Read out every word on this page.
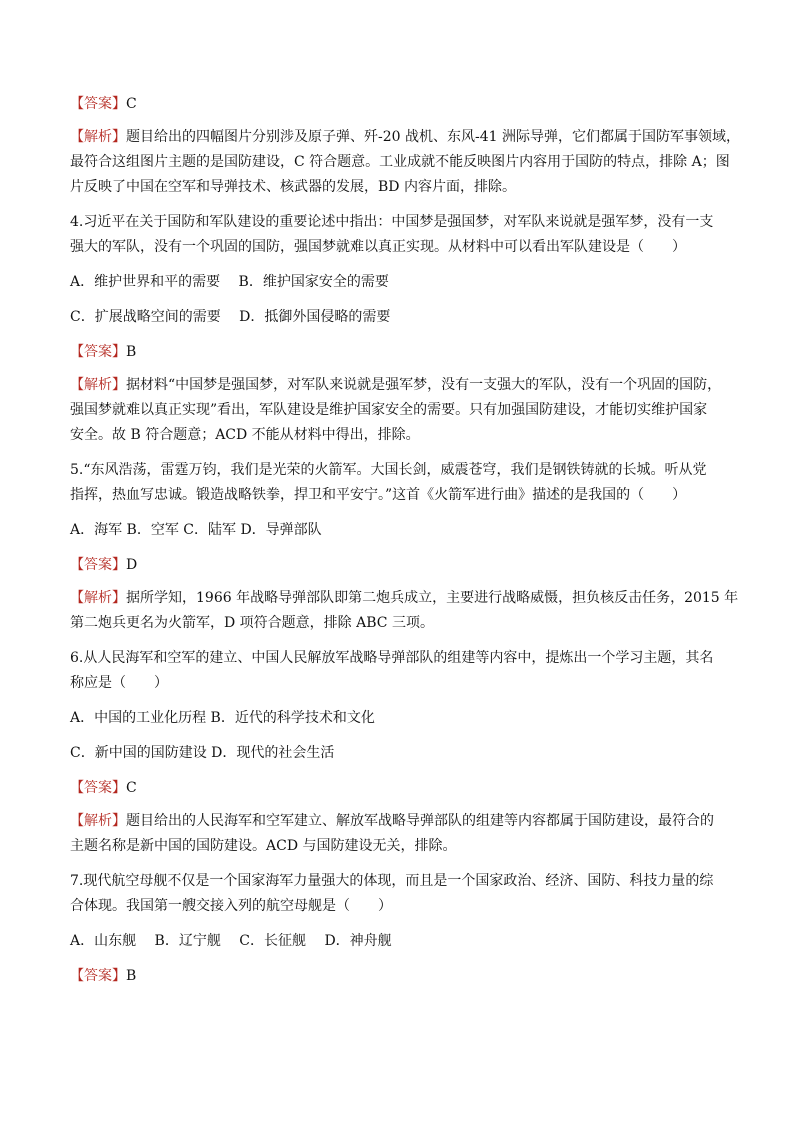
【答案】C

【解析】题目给出的四幅图片分别涉及原子弹、歼-20 战机、东风-41 洲际导弹，它们都属于国防军事领域，

最符合这组图片主题的是国防建设，C 符合题意。工业成就不能反映图片内容用于国防的特点，排除 A；图

片反映了中国在空军和导弹技术、核武器的发展，BD 内容片面，排除。

4.习近平在关于国防和军队建设的重要论述中指出：中国梦是强国梦，对军队来说就是强军梦，没有一支

强大的军队，没有一个巩固的国防，强国梦就难以真正实现。从材料中可以看出军队建设是（　　）

A．维护世界和平的需要　 B．维护国家安全的需要

C．扩展战略空间的需要　 D．抵御外国侵略的需要

【答案】B

【解析】据材料“中国梦是强国梦，对军队来说就是强军梦，没有一支强大的军队，没有一个巩固的国防，

强国梦就难以真正实现”看出，军队建设是维护国家安全的需要。只有加强国防建设，才能切实维护国家

安全。故 B 符合题意；ACD 不能从材料中得出，排除。

5.“东风浩荡，雷霆万钧，我们是光荣的火箭军。大国长剑，威震苍穹，我们是钢铁铸就的长城。听从党

指挥，热血写忠诚。锻造战略铁拳，捍卫和平安宁。”这首《火箭军进行曲》描述的是我国的（　　）

A．海军 B．空军 C．陆军 D．导弹部队

【答案】D

【解析】据所学知，1966 年战略导弹部队即第二炮兵成立，主要进行战略威慑，担负核反击任务，2015 年

第二炮兵更名为火箭军，D 项符合题意，排除 ABC 三项。

6.从人民海军和空军的建立、中国人民解放军战略导弹部队的组建等内容中，提炼出一个学习主题，其名

称应是（　　）

A．中国的工业化历程 B．近代的科学技术和文化

C．新中国的国防建设 D．现代的社会生活

【答案】C

【解析】题目给出的人民海军和空军建立、解放军战略导弹部队的组建等内容都属于国防建设，最符合的

主题名称是新中国的国防建设。ACD 与国防建设无关，排除。

7.现代航空母舰不仅是一个国家海军力量强大的体现，而且是一个国家政治、经济、国防、科技力量的综

合体现。我国第一艘交接入列的航空母舰是（　　）

A．山东舰　 B．辽宁舰　 C．长征舰　 D．神舟舰

【答案】B
